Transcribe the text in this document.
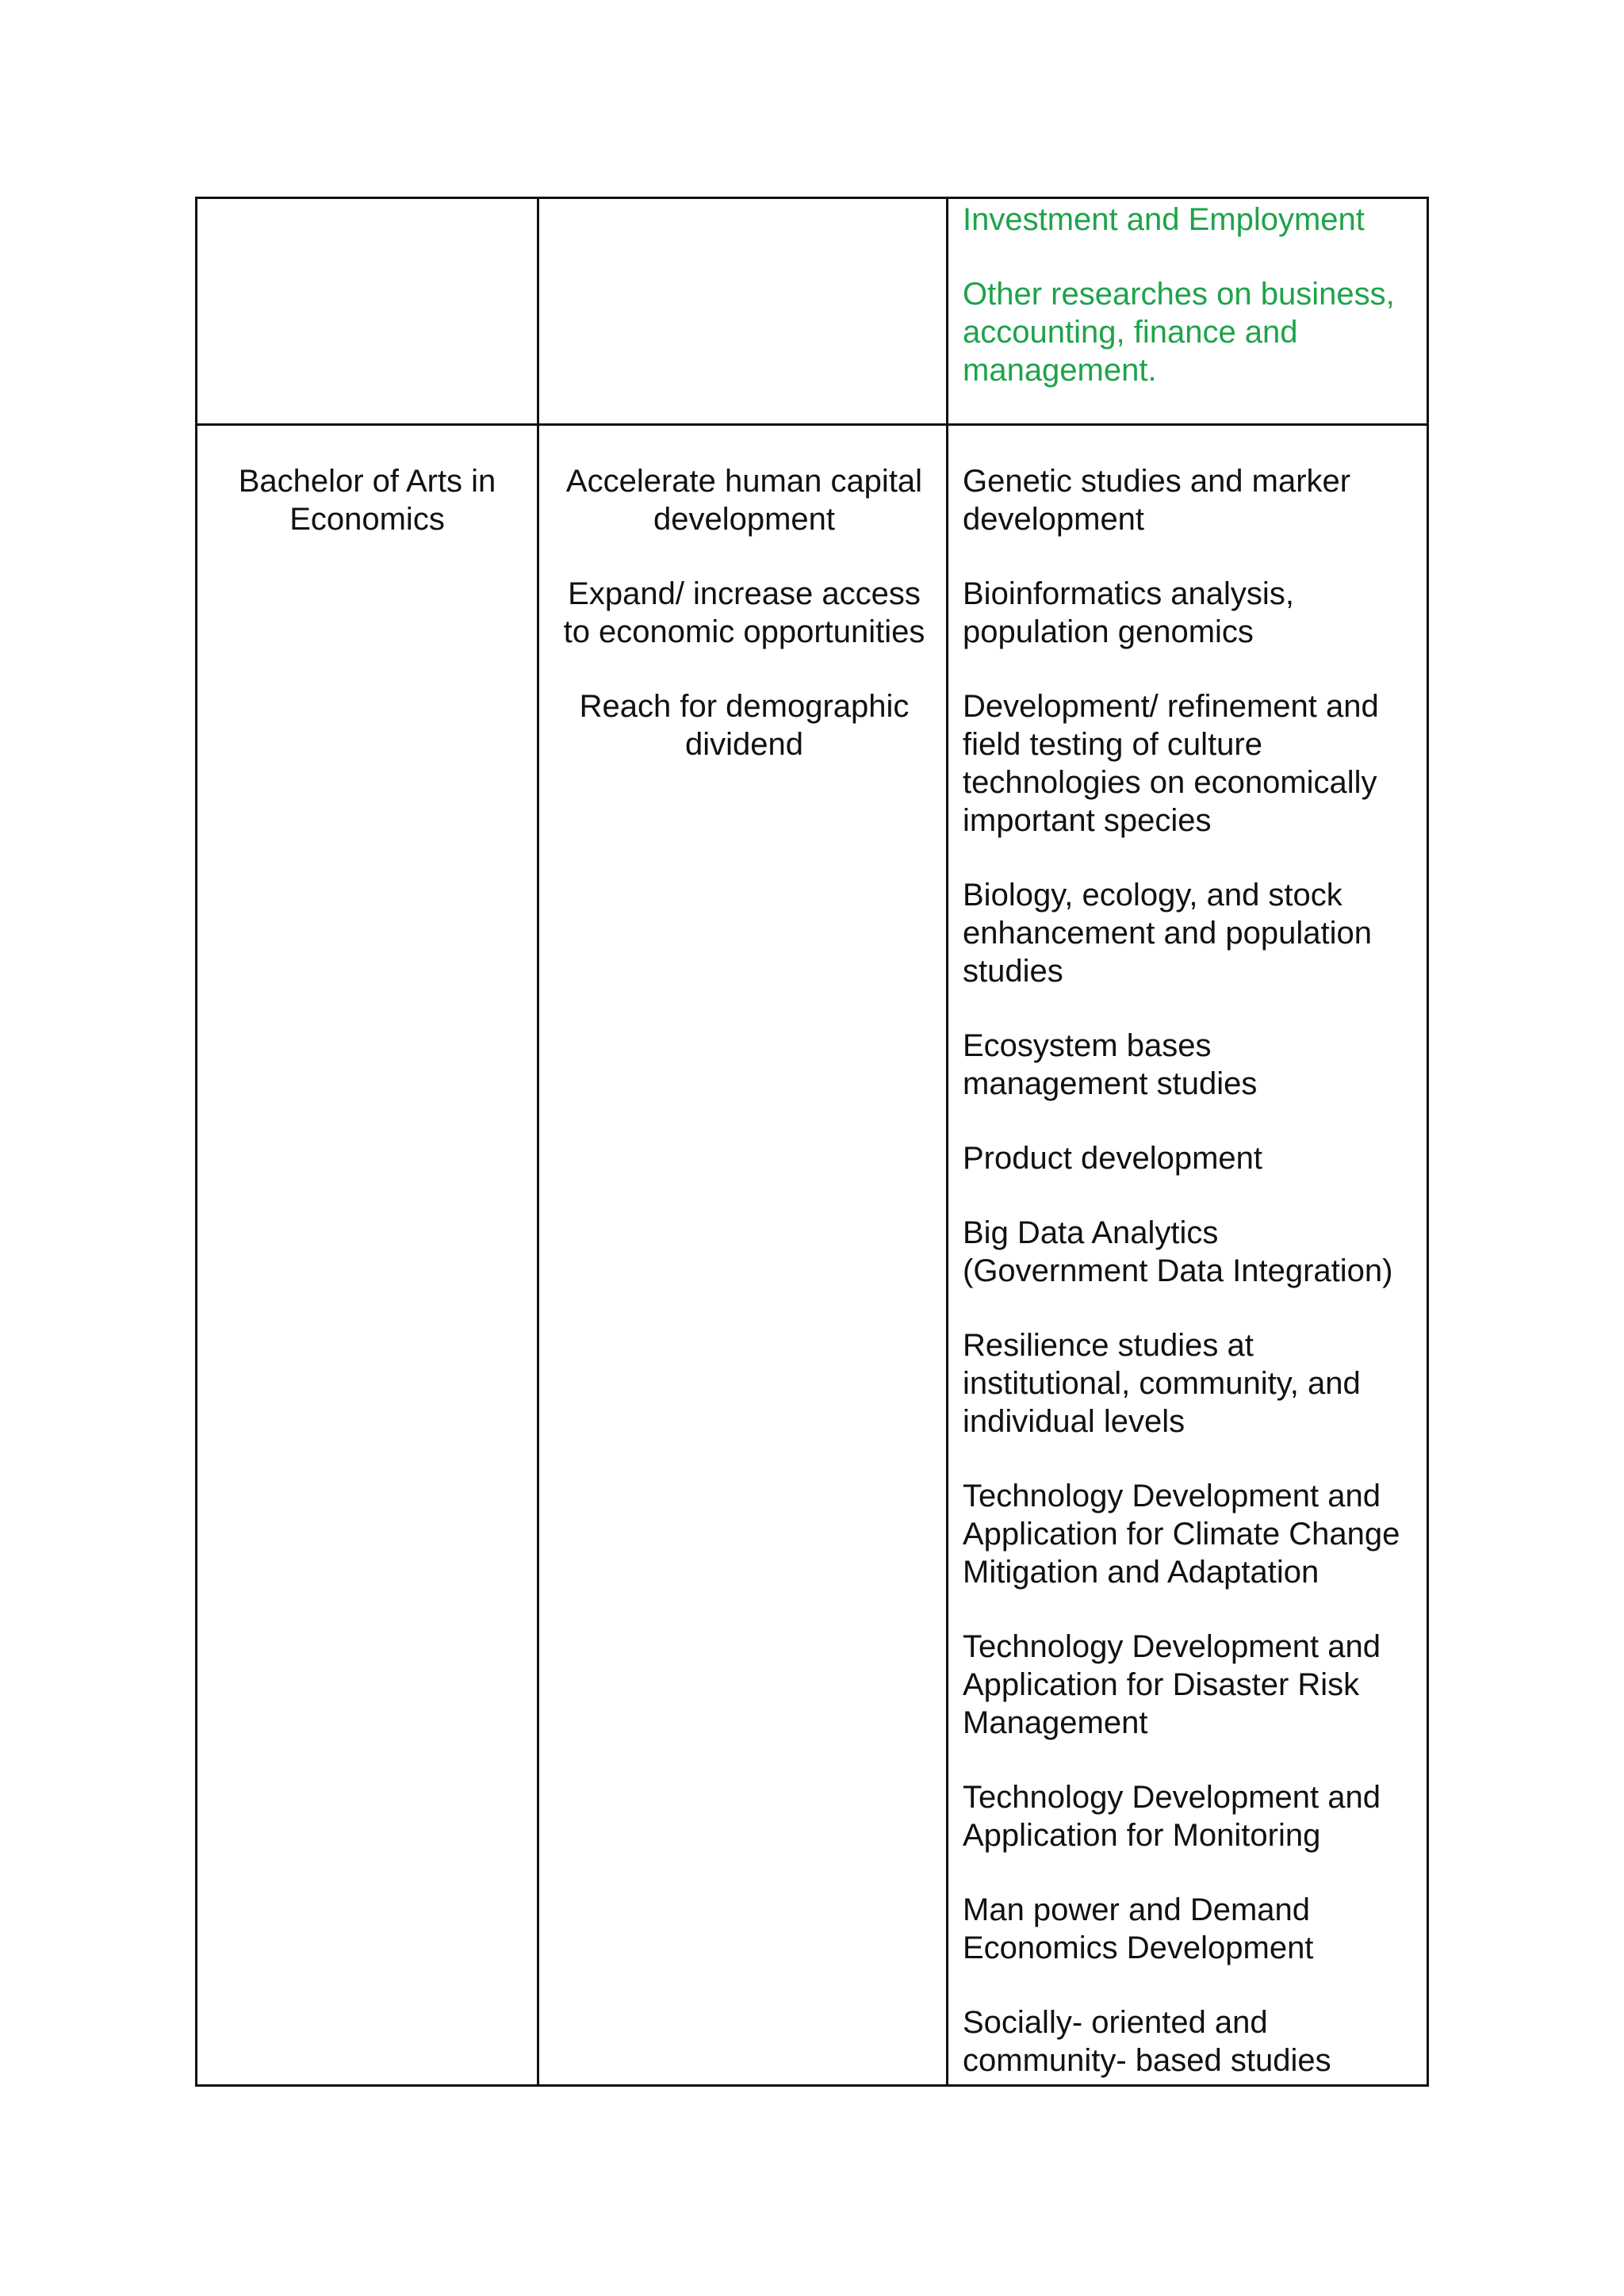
Investment and Employment

Other researches on business,
accounting, finance and
management.

Bachelor of Arts in
Economics

Accelerate human capital
development

Expand/ increase access
to economic opportunities

Reach for demographic
dividend

Genetic studies and marker
development

Bioinformatics analysis,
population genomics

Development/ refinement and
field testing of culture
technologies on economically
important species

Biology, ecology, and stock
enhancement and population
studies

Ecosystem bases
management studies

Product development

Big Data Analytics
(Government Data Integration)

Resilience studies at
institutional, community, and
individual levels

Technology Development and
Application for Climate Change
Mitigation and Adaptation

Technology Development and
Application for Disaster Risk
Management

Technology Development and
Application for Monitoring

Man power and Demand
Economics Development

Socially- oriented and
community- based studies
